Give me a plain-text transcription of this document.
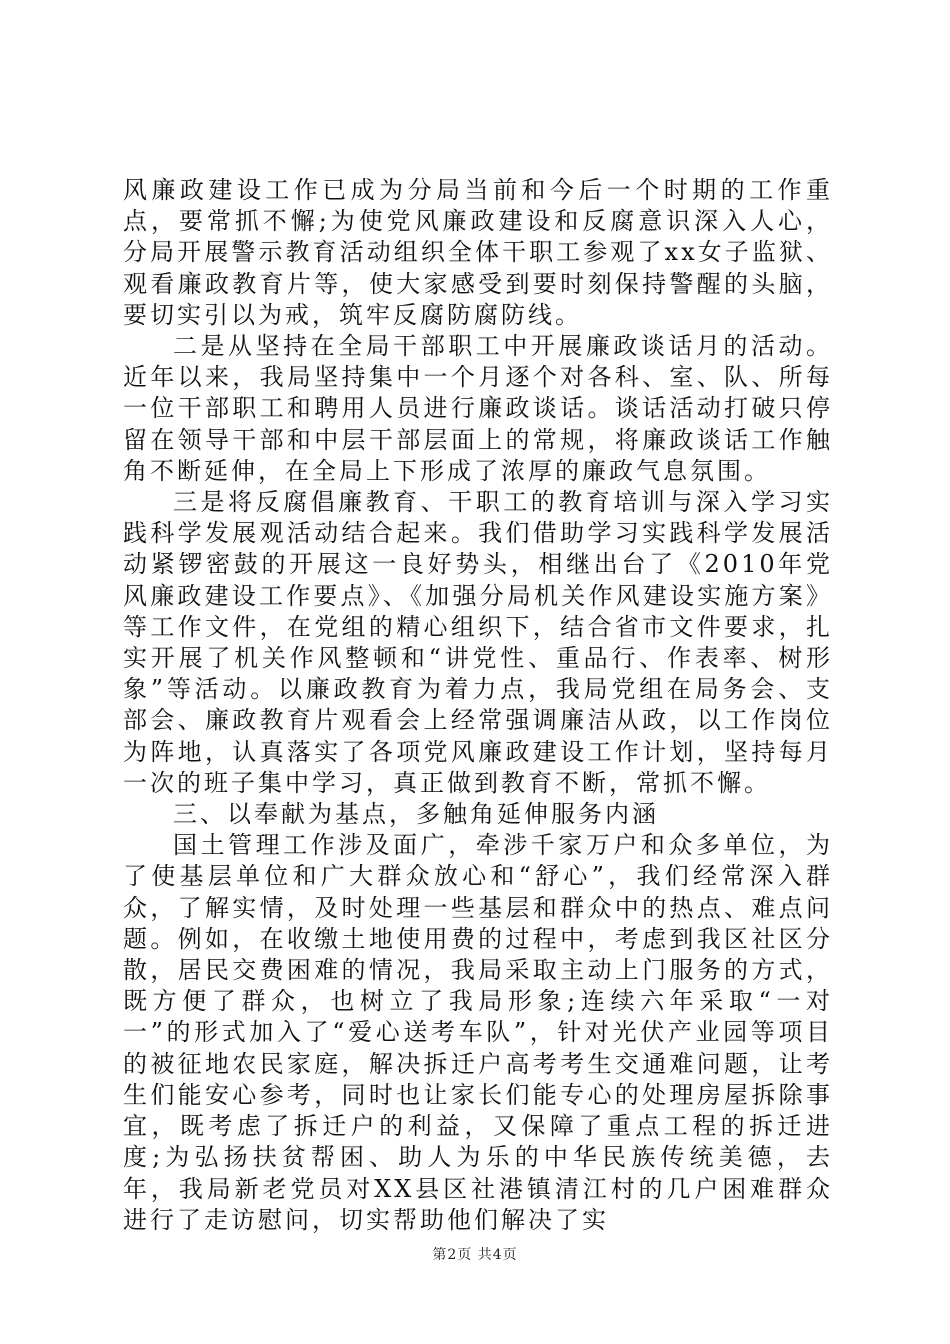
风廉政建设工作已成为分局当前和今后一个时期的工作重点，要常抓不懈;为使党风廉政建设和反腐意识深入人心，分局开展警示教育活动组织全体干职工参观了xx女子监狱、观看廉政教育片等，使大家感受到要时刻保持警醒的头脑，要切实引以为戒，筑牢反腐防腐防线。

二是从坚持在全局干部职工中开展廉政谈话月的活动。近年以来，我局坚持集中一个月逐个对各科、室、队、所每一位干部职工和聘用人员进行廉政谈话。谈话活动打破只停留在领导干部和中层干部层面上的常规，将廉政谈话工作触角不断延伸，在全局上下形成了浓厚的廉政气息氛围。

三是将反腐倡廉教育、干职工的教育培训与深入学习实践科学发展观活动结合起来。我们借助学习实践科学发展活动紧锣密鼓的开展这一良好势头，相继出台了《2010年党风廉政建设工作要点》、《加强分局机关作风建设实施方案》等工作文件，在党组的精心组织下，结合省市文件要求，扎实开展了机关作风整顿和“讲党性、重品行、作表率、树形象”等活动。以廉政教育为着力点，我局党组在局务会、支部会、廉政教育片观看会上经常强调廉洁从政，以工作岗位为阵地，认真落实了各项党风廉政建设工作计划，坚持每月一次的班子集中学习，真正做到教育不断，常抓不懈。

三、以奉献为基点，多触角延伸服务内涵

国土管理工作涉及面广，牵涉千家万户和众多单位，为了使基层单位和广大群众放心和“舒心”，我们经常深入群众，了解实情，及时处理一些基层和群众中的热点、难点问题。例如，在收缴土地使用费的过程中，考虑到我区社区分散，居民交费困难的情况，我局采取主动上门服务的方式，既方便了群众，也树立了我局形象;连续六年采取“一对一”的形式加入了“爱心送考车队”，针对光伏产业园等项目的被征地农民家庭，解决拆迁户高考考生交通难问题，让考生们能安心参考，同时也让家长们能专心的处理房屋拆除事宜，既考虑了拆迁户的利益，又保障了重点工程的拆迁进度;为弘扬扶贫帮困、助人为乐的中华民族传统美德，去年，我局新老党员对XX县区社港镇清江村的几户困难群众进行了走访慰问，切实帮助他们解决了实

第2页 共4页
